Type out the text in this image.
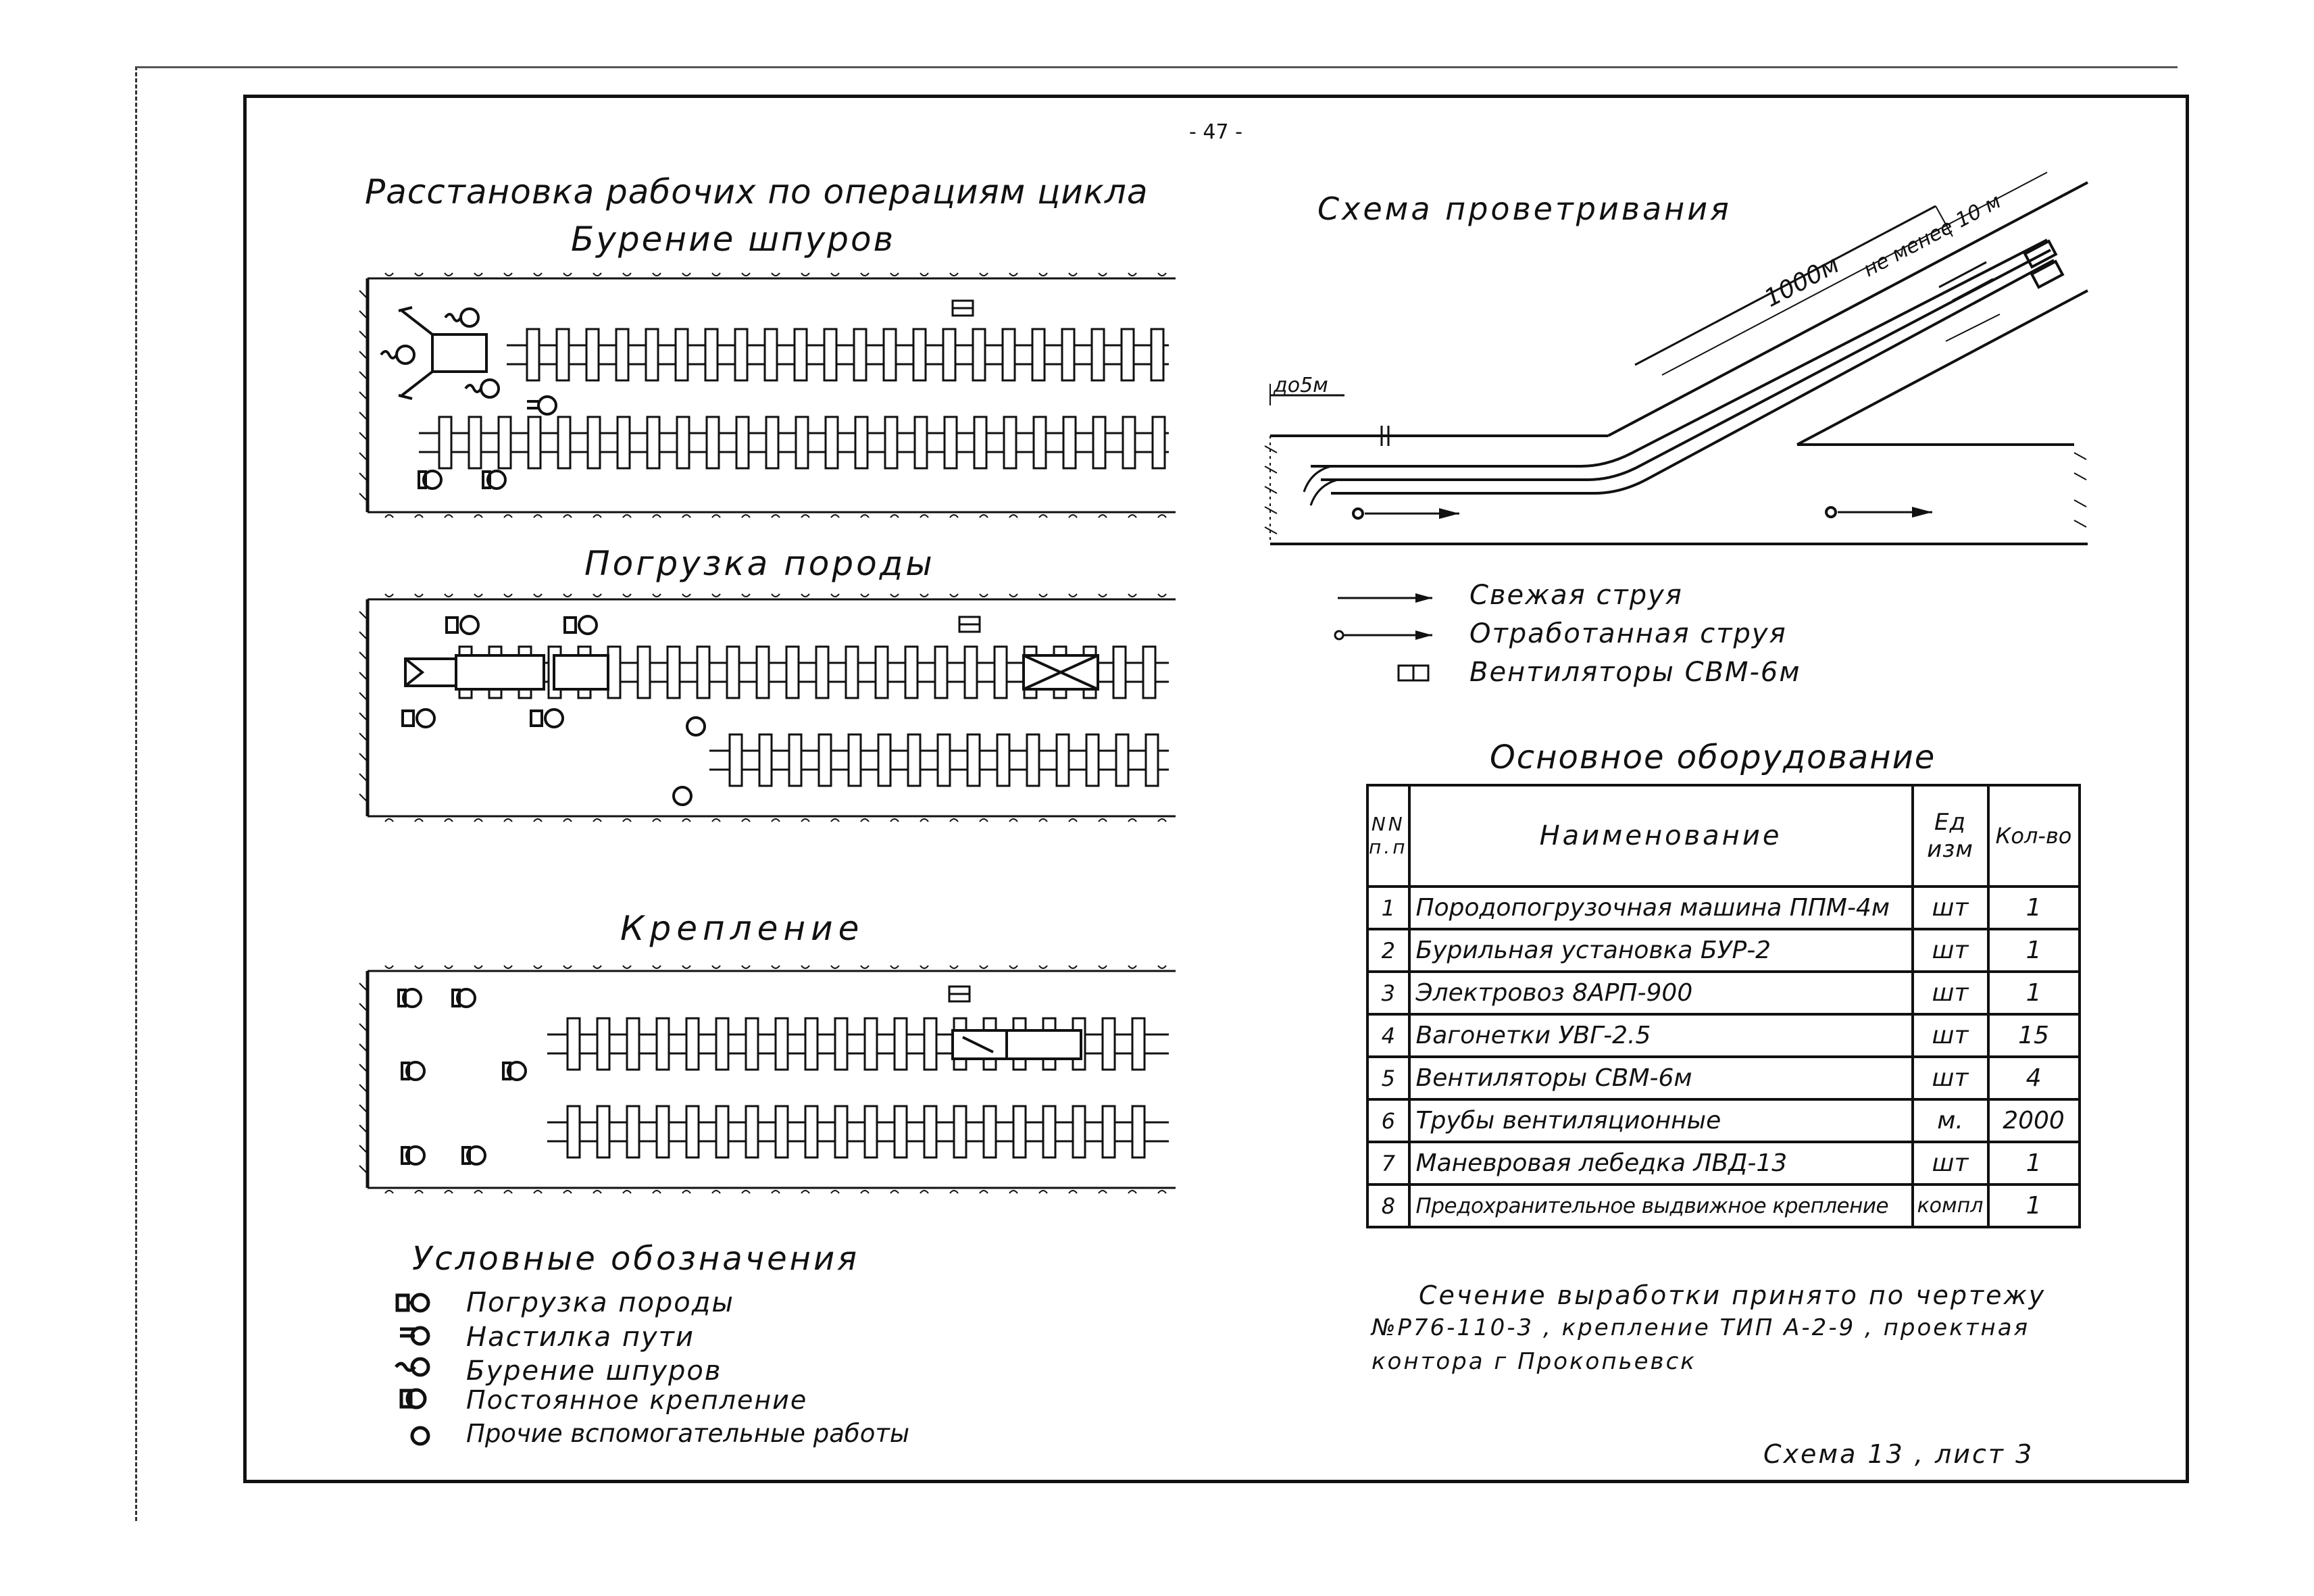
- 47 -
Расстановка рабочих по операциям цикла
Бурение шпуров
Погрузка породы
Крепление
Условные обозначения
Погрузка породы
Настилка пути
Бурение шпуров
Постоянное крепление
Прочие вспомогательные работы
Схема проветривания
1000м не менее 10 м
до5м
Свежая струя
Отработанная струя
Вентиляторы СВМ-6м
Основное оборудование
NN п.п	Наименование	Ед изм	Кол-во
1	Породопогрузочная машина ППМ-4м	шт	1
2	Бурильная установка БУР-2	шт	1
3	Электровоз 8АРП-900	шт	1
4	Вагонетки УВГ-2.5	шт	15
5	Вентиляторы СВМ-6м	шт	4
6	Трубы вентиляционные	м.	2000
7	Маневровая лебедка ЛВД-13	шт	1
8	Предохранительное выдвижное крепление	компл	1
Сечение выработки принято по чертежу
№Р76-110-3 , крепление ТИП А-2-9 , проектная
контора г Прокопьевск
Схема 13 , лист 3
